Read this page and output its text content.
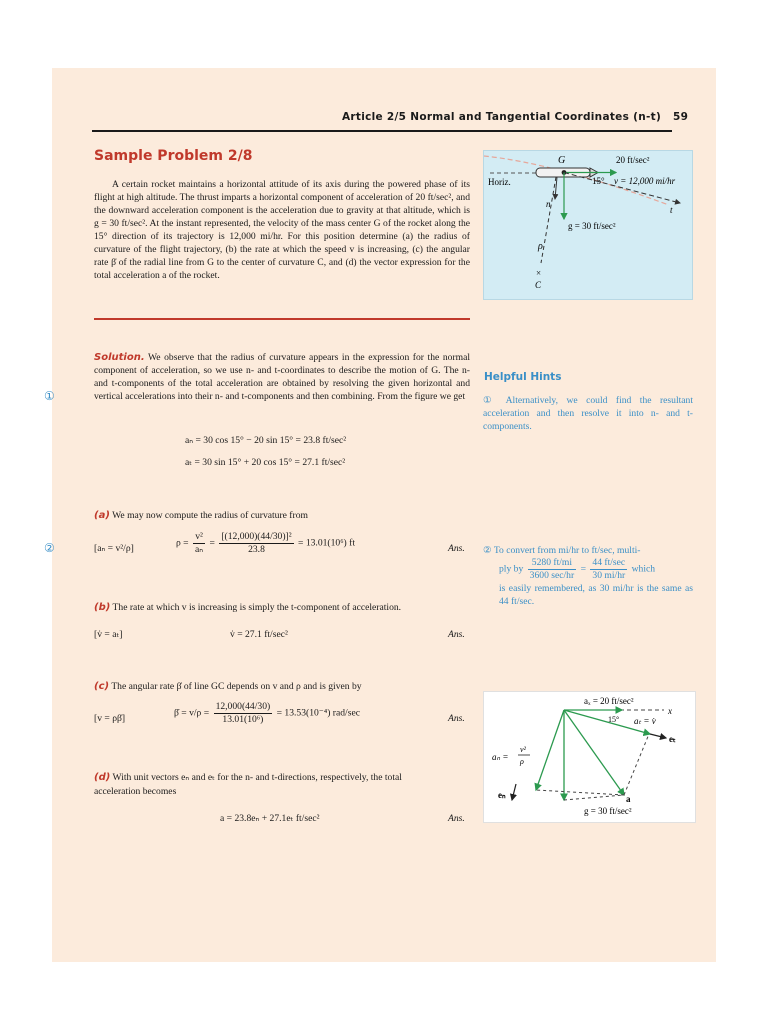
Article 2/5 Normal and Tangential Coordinates (n-t) 59
Sample Problem 2/8
A certain rocket maintains a horizontal attitude of its axis during the powered phase of its flight at high altitude. The thrust imparts a horizontal component of acceleration of 20 ft/sec², and the downward acceleration component is the acceleration due to gravity at that altitude, which is g = 30 ft/sec². At the instant represented, the velocity of the mass center G of the rocket along the 15° direction of its trajectory is 12,000 mi/hr. For this position determine (a) the radius of curvature of the flight trajectory, (b) the rate at which the speed v is increasing, (c) the angular rate β̇ of the radial line from G to the center of curvature C, and (d) the vector expression for the total acceleration a of the rocket.
G
Horiz.
20 ft/sec²
15° v = 12,000 mi/hr
t
n
ρ
g = 30 ft/sec²
×
C
Solution. We observe that the radius of curvature appears in the expression for the normal component of acceleration, so we use n- and t-coordinates to describe the motion of G. The n- and t-components of the total acceleration are obtained by resolving the given horizontal and vertical accelerations into their n- and t-components and then combining. From the figure we get
①
aₙ = 30 cos 15° − 20 sin 15° = 23.8 ft/sec²
aₜ = 30 sin 15° + 20 cos 15° = 27.1 ft/sec²
(a) We may now compute the radius of curvature from
②	[aₙ = v²/ρ]	$\rho = \frac{\text{v²}}{\text{aₙ}} = \frac{\text{[(12,000)(44/30)]²}}{23.8} = 13.01(10^6)$ ft	Ans.
(b) The rate at which v is increasing is simply the t-component of acceleration.
[v̇ = aₜ]	v̇ = 27.1 ft/sec²	Ans.
(c) The angular rate β̇ of line GC depends on v and ρ and is given by
[v = ρβ̇]	β̇ = $v/\rho = \frac{12,000(44/30)}{\text{13.01(10⁶)}} = 13.53(10^{-4})$ rad/sec	Ans.
(d) With unit vectors eₙ and eₜ for the n- and t-directions, respectively, the total
acceleration becomes
a = 23.8eₙ + 27.1eₜ ft/sec²	Ans.
Helpful Hints
① Alternatively, we could find the resultant acceleration and then resolve it into n- and t-components.
② To convert from mi/hr to ft/sec, multi-
ply by $\frac{5280 ft/mi}{3600 \sec/hr} = \frac{44 ft/\sec}{30 mi/hr}$ which
is easily remembered, as 30 mi/hr is the same as 44 ft/sec.
aₓ = 20 ft/sec²
x
15° aₜ = v̇
eₜ
aₙ =
v²
ρ
eₙ	a
g = 30 ft/sec²
